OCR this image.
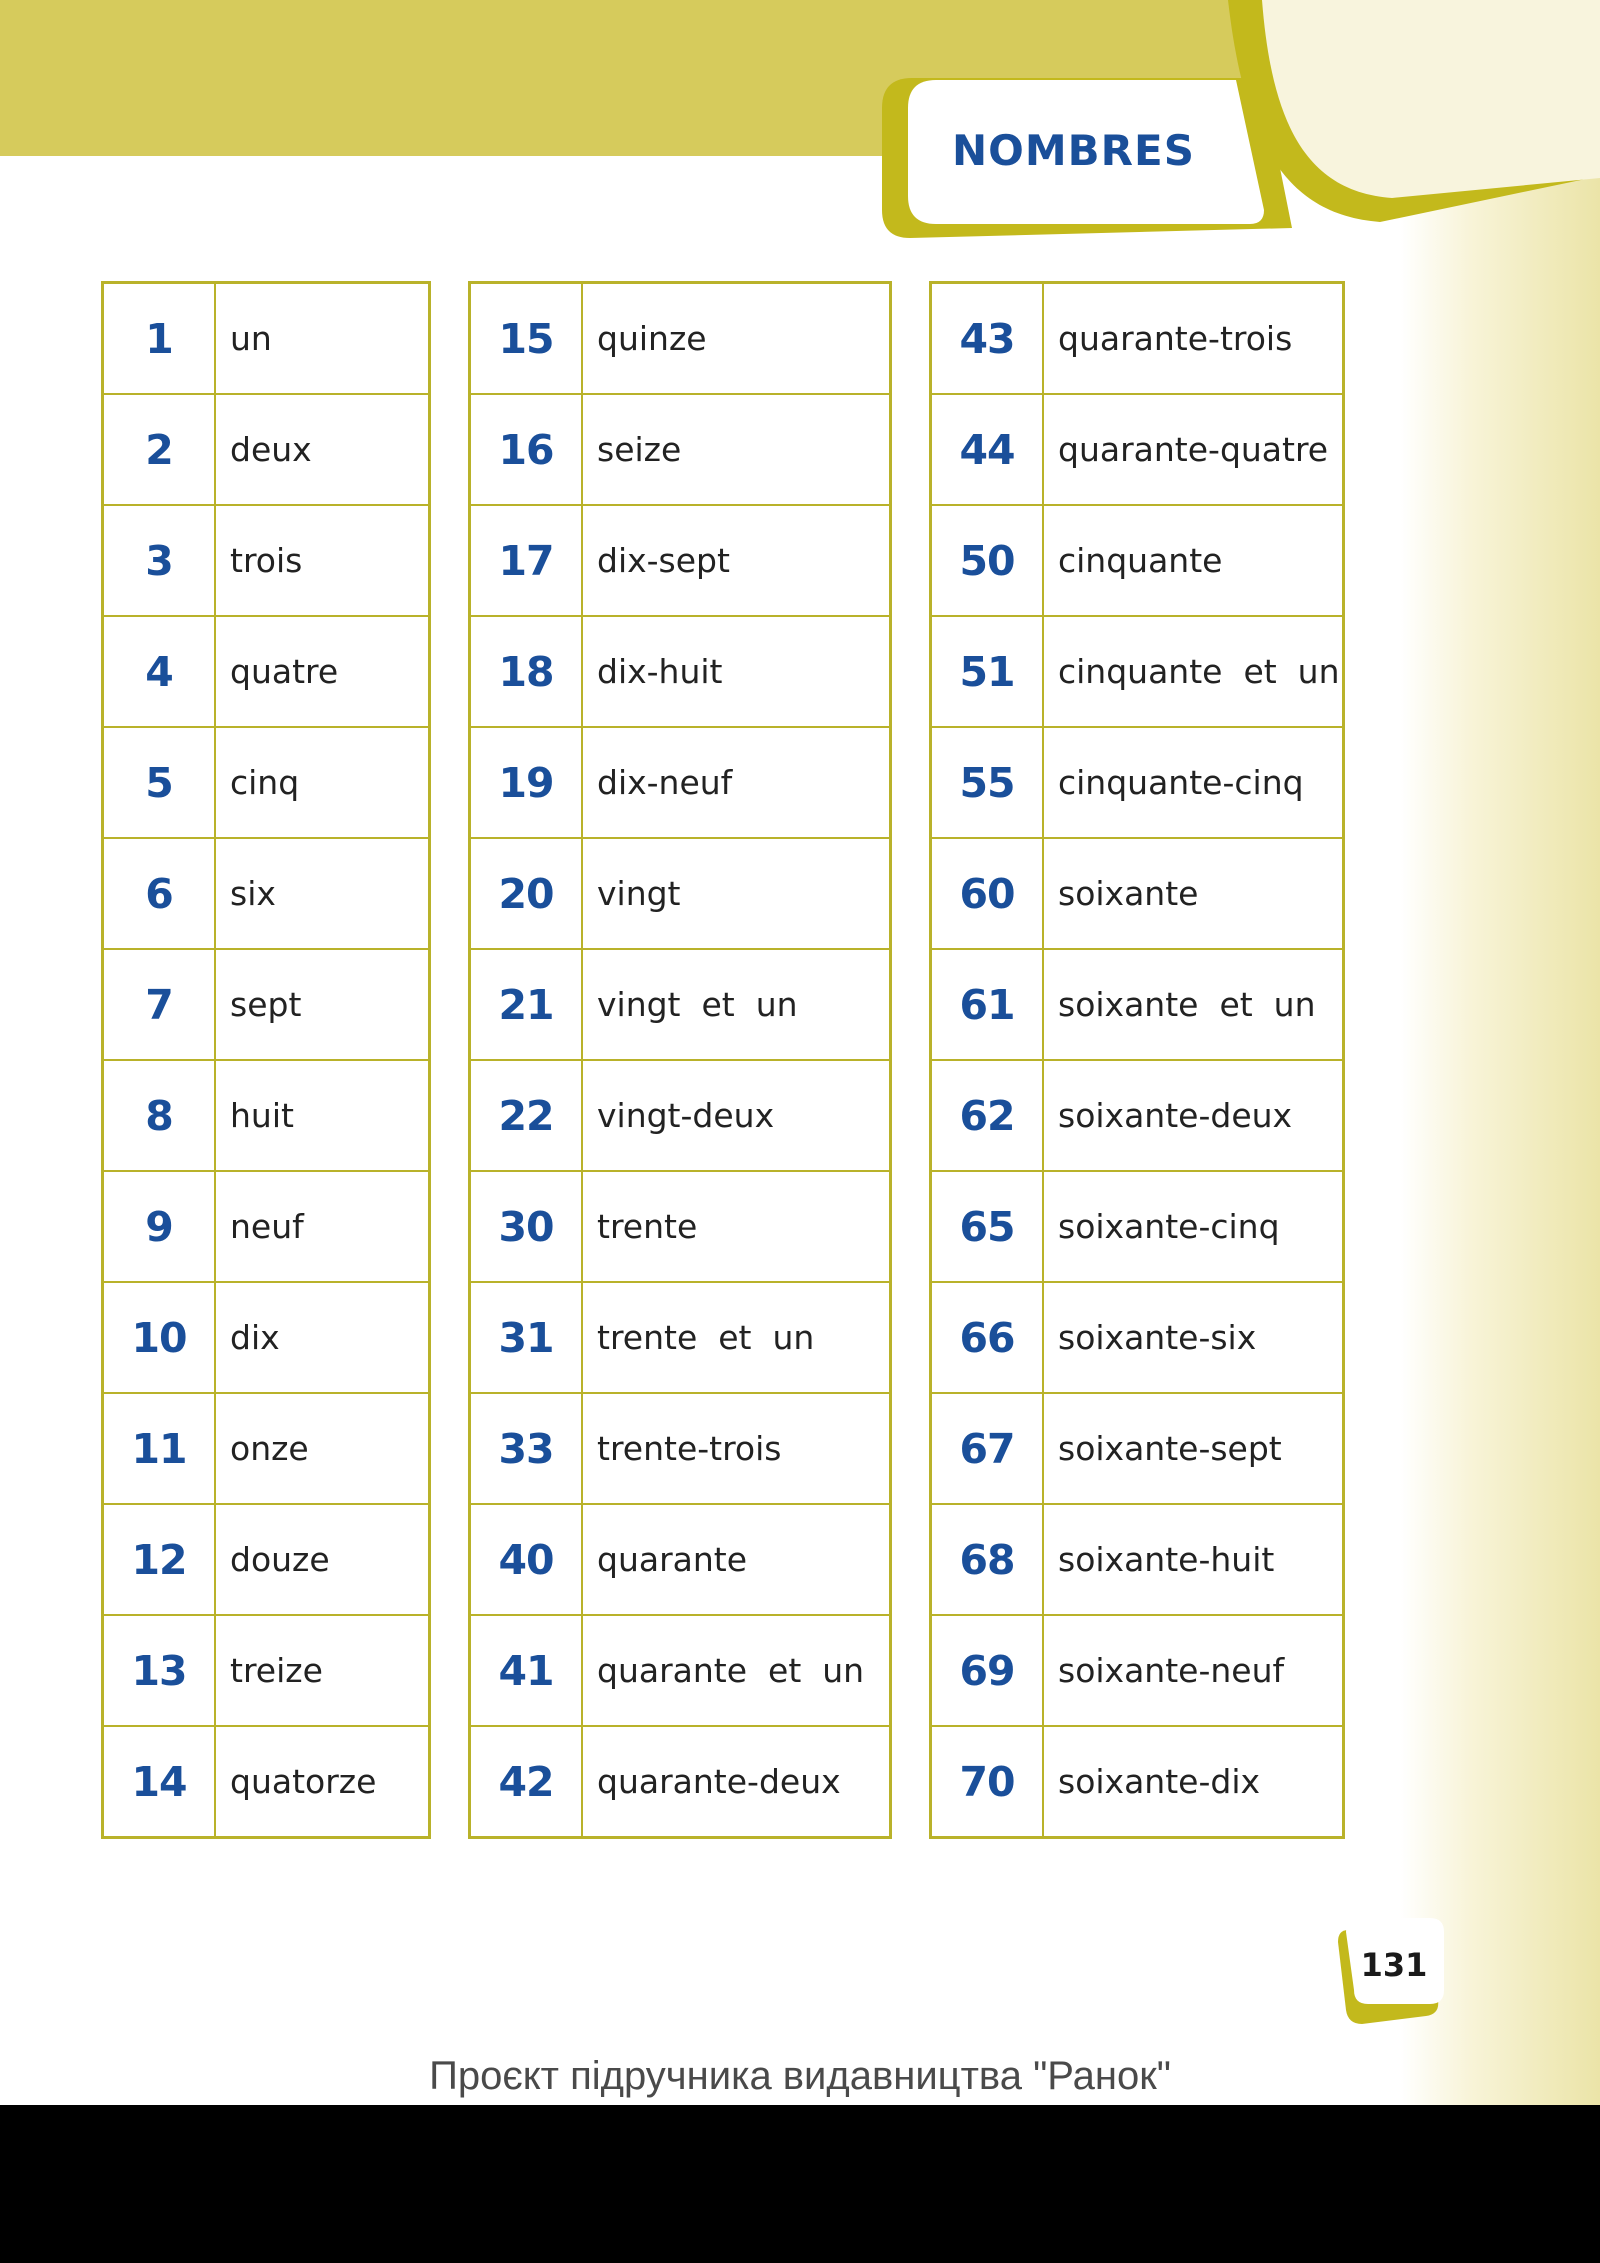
NOMBRES
1	un
2	deux
3	trois
4	quatre
5	cinq
6	six
7	sept
8	huit
9	neuf
10	dix
11	onze
12	douze
13	treize
14	quatorze
15	quinze
16	seize
17	dix-sept
18	dix-huit
19	dix-neuf
20	vingt
21	vingt  et  un
22	vingt-deux
30	trente
31	trente  et  un
33	trente-trois
40	quarante
41	quarante  et  un
42	quarante-deux
43	quarante-trois
44	quarante-quatre
50	cinquante
51	cinquante  et  un
55	cinquante-cinq
60	soixante
61	soixante  et  un
62	soixante-deux
65	soixante-cinq
66	soixante-six
67	soixante-sept
68	soixante-huit
69	soixante-neuf
70	soixante-dix
131
Проєкт підручника видавництва "Ранок"
